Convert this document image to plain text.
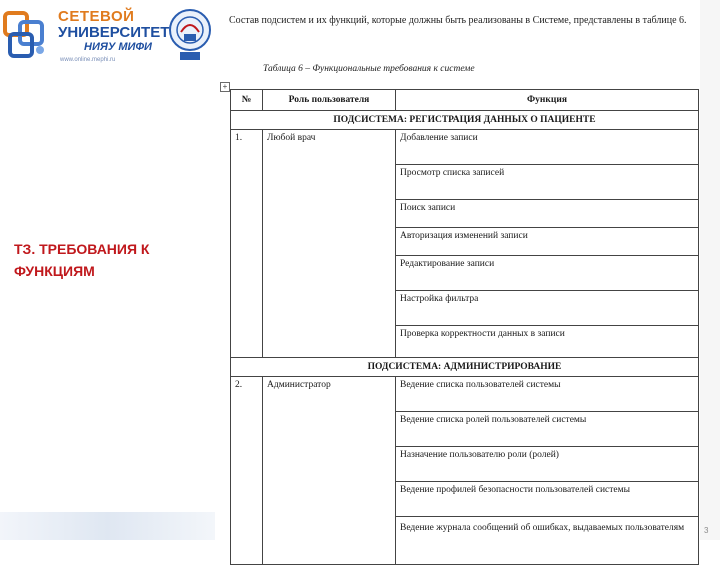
СЕТЕВОЙ
УНИВЕРСИТЕТ
НИЯУ МИФИ
www.online.mephi.ru
ТЗ. ТРЕБОВАНИЯ К ФУНКЦИЯМ
Состав подсистем и их функций, которые должны быть реализованы в Системе, представлены в таблице 6.
Таблица 6 – Функциональные требования к системе
+
№	Роль пользователя	Функция
ПОДСИСТЕМА: РЕГИСТРАЦИЯ ДАННЫХ О ПАЦИЕНТЕ		
1.	Любой врач	Добавление записи
		Просмотр списка записей
		Поиск записи
		Авторизация изменений записи
		Редактирование записи
		Настройка фильтра
		Проверка корректности данных в записи
ПОДСИСТЕМА: АДМИНИСТРИРОВАНИЕ		
2.	Администратор	Ведение списка пользователей системы
		Ведение списка ролей пользователей системы
		Назначение пользователю роли (ролей)
		Ведение профилей безопасности пользователей системы
		Ведение журнала сообщений об ошибках, выдаваемых пользователям 3
